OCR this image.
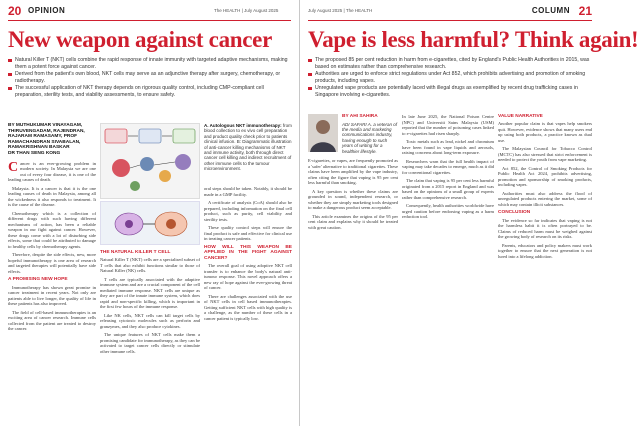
20 OPINION	The HEALTH | July August 2025
New weapon against cancer
Natural Killer T (NKT) cells combine the rapid response of innate immunity with targeted adaptive mechanisms, making them a potent force against cancer.
Derived from the patient's own blood, NKT cells may serve as an adjunctive therapy after surgery, chemotherapy, or radiotherapy.
The successful application of NKT therapy depends on rigorous quality control, including CMP-compliant cell preparation, sterility tests, and viability assessments, to ensure safety.
BY MUTHUKUMAR VINAYAGAM,
THIRUVENGADAM, RAJENDRAN,
RAJARAM RAMASAMY, PROF
RAMACHANDRAN SIVABALAN,
RAMAKRISHNAN BASKAR
DR THAN SENG KONG

Cancer is an ever-growing problem in modern society. In Malaysia we are one out of every four disease, it is one of the leading causes of death.

Malaysia. It is a cancer is that it is the one leading causes of death in Malaysia, among all the wickedness it also responds to treatment. It is the cause of the disease.

Chemotherapy which is a collection of different drugs with such having different mechanisms of action, has been a reliable weapon in our fight against cancer. However, these drugs come with a lot of disturbing side effects, some that could be attributed to damage to healthy cells by chemotherapy agents.

Therefore, despite the side effects, new, more hopeful immunotherapy is one area of research and targeted therapies will potentially have side effects.

A PROMISING NEW HOPE

Immunotherapy has shown great promise in cancer treatment in recent years. Not only are patients able to live longer, the quality of life in these patients has also improved.

The field of cell-based immunotherapies is an exciting area of cancer research. Immune cells collected from the patient are treated to destroy the cancer.

A. Autologous NKT immunotherapy: from blood collection to ex vivo cell preparation and product quality check prior to patients clinical infusion. B: Diagrammatic illustration of anti-cancer killing mechanisms of NKT and immune activity, both through direct cancer cell killing and indirect recruitment of other immune cells to the tumour microenvironment.
THE NATURAL KILLER T CELL

Natural Killer T (NKT) cells are a specialised subset of T cells that also exhibit functions similar to those of Natural Killer (NK) cells.

T cells are typically associated with the adaptive immune system and are a crucial component of the cell mediated immune response. NKT cells are unique as they are part of the innate immune system, which does rapid and non-specific killing, which is important in the first few hours of the immune response.

Like NK cells, NKT cells can kill target cells by releasing cytotoxic molecules such as perforin and granzymes, and they also produce cytokines.

The unique features of NKT cells make them a promising candidate for immunotherapy, as they can be activated to target cancer cells directly or stimulate other immune cells.

oral steps should be taken. Notably, it should be made in a GMP facility.

A certificate of analysis (CoA) should also be prepared, including information on the final cell product, such as purity, cell viability and sterility tests.

These quality control steps will ensure the final product is safe and effective for clinical use in treating cancer patients.

HOW WILL THIS WEAPON BE APPLIED IN THE FIGHT AGAINST CANCER?

The overall goal of using adoptive NKT cell transfer is to enhance the body's natural anti-tumour response. This novel approach offers a new ray of hope against the ever-growing threat of cancer.

There are challenges associated with the use of NKT cells in cell based immunotherapies. Getting sufficient NKT cells with high quality is a challenge, as the number of these cells in a cancer patient is typically low.

July August 2025 | The HEALTH	COLUMN 21
Vape is less harmful? Think again!
The proposed 85 per cent reduction in harm from e-cigarettes, cited by England's Public Health Authorities in 2015, was based on estimates rather than comprehensive research.
Authorities are urged to enforce strict regulations under Act 852, which prohibits advertising and promotion of smoking products, including vapes.
Unregulated vape products are potentially laced with illegal drugs as exemplified by recent drug trafficking cases in Singapore involving e-cigarettes.
BY AHI SAHIRA
ADI SAFARI A. a veteran of the media and marketing communications industry, having enough to such years of writing for a healthier lifestyle.

E-cigarettes, or vapes, are frequently promoted as a 'safer' alternative to traditional cigarettes. These claims have been amplified by the vape industry, often citing the figure that vaping is 95 per cent less harmful than smoking.

A key question is whether these claims are grounded in sound, independent research, or whether they are simply marketing tools designed to make a dangerous product seem acceptable.

This article examines the origins of the 95 per cent claim and explains why it should be treated with great caution.

In late June 2025, the National Poison Centre (NPC) and Universiti Sains Malaysia (USM) reported that the number of poisoning cases linked to e-cigarettes had risen sharply.

Toxic metals such as lead, nickel and chromium have been found in vape liquids and aerosols, raising concerns about long-term exposure.

Researchers warn that the full health impact of vaping may take decades to emerge, much as it did for conventional cigarettes.

The claim that vaping is 95 per cent less harmful originated from a 2015 report in England and was based on the opinions of a small group of experts rather than comprehensive research.

Consequently, health authorities worldwide have urged caution before endorsing vaping as a harm reduction tool.

VALUE NARRATIVE

Another popular claim is that vapes help smokers quit. However, evidence shows that many users end up using both products, a practice known as dual use.

The Malaysian Council for Tobacco Control (MCTC) has also stressed that strict enforcement is needed to protect the youth from vape marketing.

Act 852, the Control of Smoking Products for Public Health Act 2024, prohibits advertising, promotion and sponsorship of smoking products, including vapes.

Authorities must also address the flood of unregulated products entering the market, some of which may contain illicit substances.

CONCLUSION

The evidence so far indicates that vaping is not the harmless habit it is often portrayed to be. Claims of reduced harm must be weighed against the growing body of research on its risks.

Parents, educators and policy makers must work together to ensure that the next generation is not lured into a lifelong addiction.
